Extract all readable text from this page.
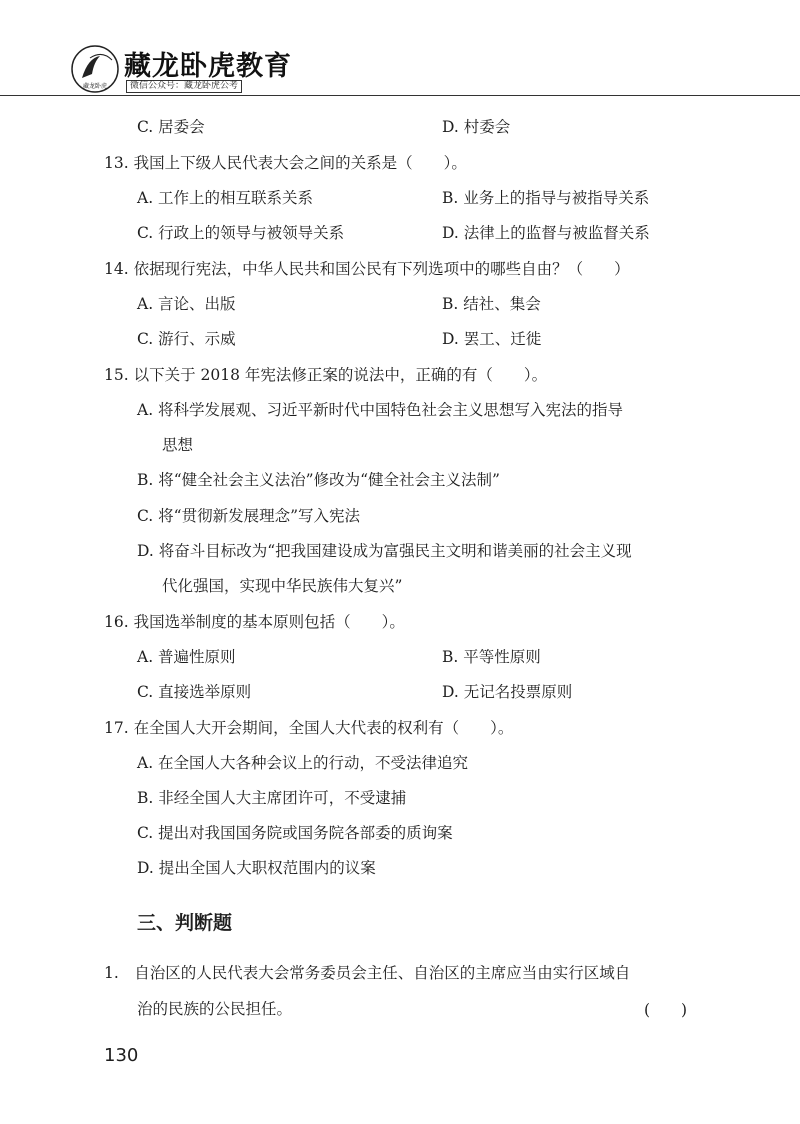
藏龙卧虎
藏龙卧虎教育
微信公众号：藏龙卧虎公考
C. 居委会	D. 村委会
13. 我国上下级人民代表大会之间的关系是（　　）。
A. 工作上的相互联系关系	B. 业务上的指导与被指导关系
C. 行政上的领导与被领导关系	D. 法律上的监督与被监督关系
14. 依据现行宪法，中华人民共和国公民有下列选项中的哪些自由？（　　）
A. 言论、出版	B. 结社、集会
C. 游行、示威	D. 罢工、迁徙
15. 以下关于 2018 年宪法修正案的说法中，正确的有（　　）。
A. 将科学发展观、习近平新时代中国特色社会主义思想写入宪法的指导
思想
B. 将“健全社会主义法治”修改为“健全社会主义法制”
C. 将“贯彻新发展理念”写入宪法
D. 将奋斗目标改为“把我国建设成为富强民主文明和谐美丽的社会主义现
代化强国，实现中华民族伟大复兴”
16. 我国选举制度的基本原则包括（　　）。
A. 普遍性原则	B. 平等性原则
C. 直接选举原则	D. 无记名投票原则
17. 在全国人大开会期间，全国人大代表的权利有（　　）。
A. 在全国人大各种会议上的行动，不受法律追究
B. 非经全国人大主席团许可，不受逮捕
C. 提出对我国国务院或国务院各部委的质询案
D. 提出全国人大职权范围内的议案
三、判断题
1.　自治区的人民代表大会常务委员会主任、自治区的主席应当由实行区域自
治的民族的公民担任。	(　　)
130
